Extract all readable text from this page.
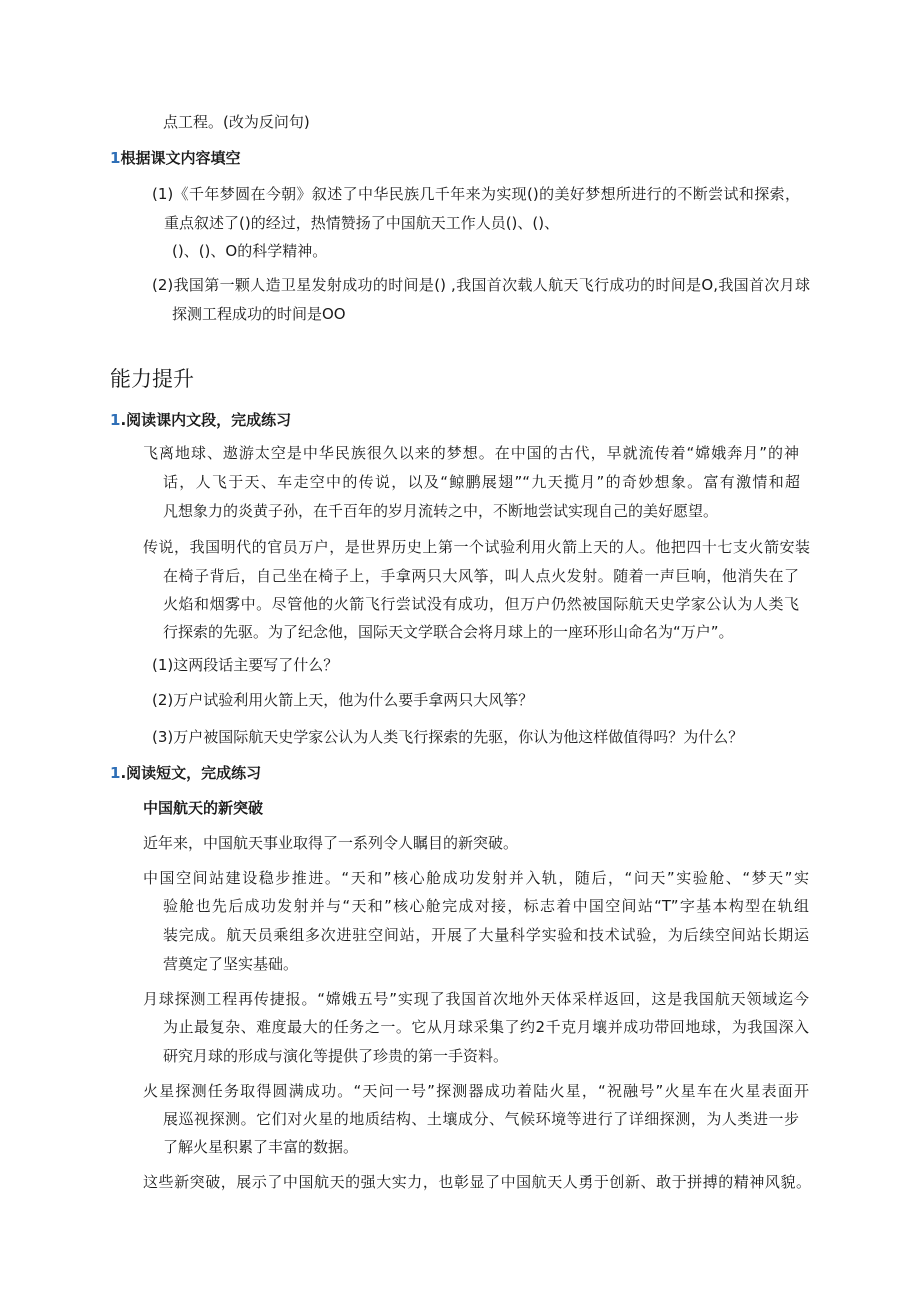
点工程。(改为反问句)
1根据课文内容填空
(1)《千年梦圆在今朝》叙述了中华民族几千年来为实现()的美好梦想所进行的不断尝试和探索，
重点叙述了()的经过，热情赞扬了中国航天工作人员()、()、
()、()、O的科学精神。
(2)我国第一颗人造卫星发射成功的时间是() ,我国首次载人航天飞行成功的时间是O,我国首次月球
探测工程成功的时间是OO
能力提升
1.阅读课内文段，完成练习
飞离地球、遨游太空是中华民族很久以来的梦想。在中国的古代，早就流传着“嫦娥奔月”的神
话，人飞于天、车走空中的传说，以及“鲸鹏展翅”“九天揽月”的奇妙想象。富有激情和超
凡想象力的炎黄子孙，在千百年的岁月流转之中，不断地尝试实现自己的美好愿望。
传说，我国明代的官员万户，是世界历史上第一个试验利用火箭上天的人。他把四十七支火箭安装
在椅子背后，自己坐在椅子上，手拿两只大风筝，叫人点火发射。随着一声巨响，他消失在了
火焰和烟雾中。尽管他的火箭飞行尝试没有成功，但万户仍然被国际航天史学家公认为人类飞
行探索的先驱。为了纪念他，国际天文学联合会将月球上的一座环形山命名为“万户”。
(1)这两段话主要写了什么？
(2)万户试验利用火箭上天，他为什么要手拿两只大风筝？
(3)万户被国际航天史学家公认为人类飞行探索的先驱，你认为他这样做值得吗？为什么？
1.阅读短文，完成练习
中国航天的新突破
近年来，中国航天事业取得了一系列令人瞩目的新突破。
中国空间站建设稳步推进。“天和”核心舱成功发射并入轨，随后，“问天”实验舱、“梦天”实
验舱也先后成功发射并与“天和”核心舱完成对接，标志着中国空间站“T”字基本构型在轨组
装完成。航天员乘组多次进驻空间站，开展了大量科学实验和技术试验，为后续空间站长期运
营奠定了坚实基础。
月球探测工程再传捷报。“嫦娥五号”实现了我国首次地外天体采样返回，这是我国航天领域迄今
为止最复杂、难度最大的任务之一。它从月球采集了约2千克月壤并成功带回地球，为我国深入
研究月球的形成与演化等提供了珍贵的第一手资料。
火星探测任务取得圆满成功。“天问一号”探测器成功着陆火星，“祝融号”火星车在火星表面开
展巡视探测。它们对火星的地质结构、土壤成分、气候环境等进行了详细探测，为人类进一步
了解火星积累了丰富的数据。
这些新突破，展示了中国航天的强大实力，也彰显了中国航天人勇于创新、敢于拼搏的精神风貌。
